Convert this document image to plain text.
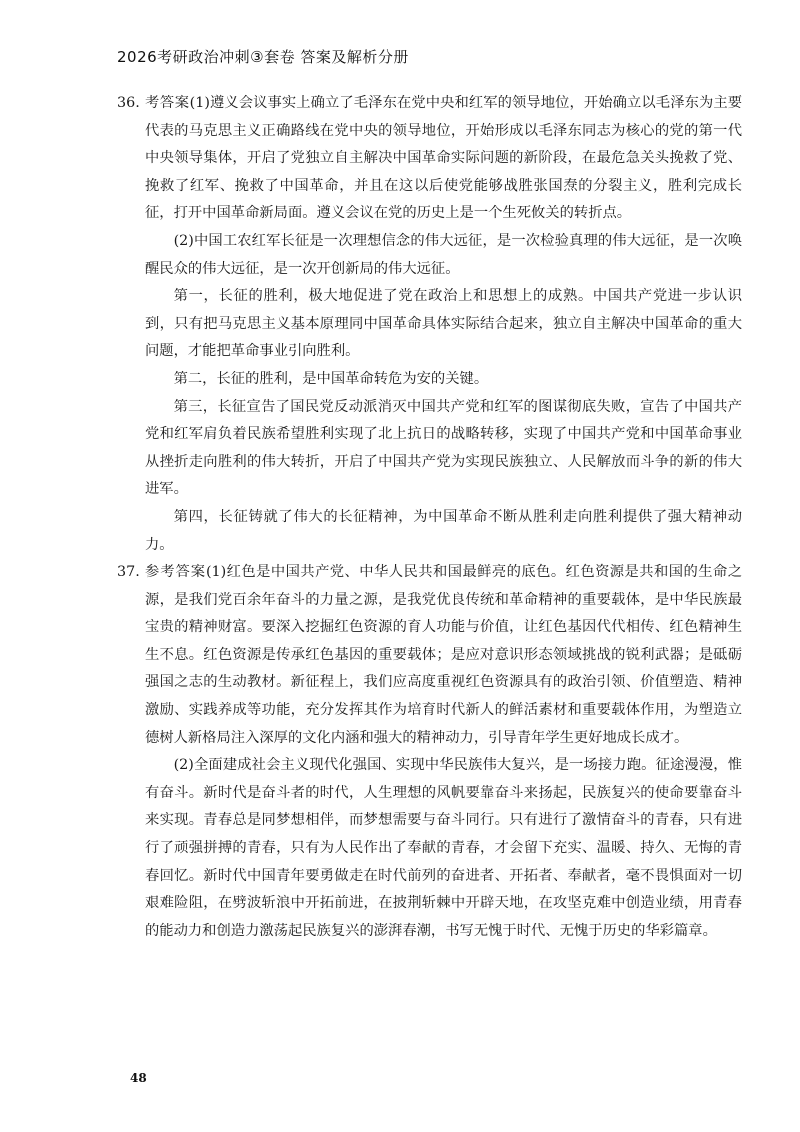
2026考研政治冲刺③套卷 答案及解析分册
36. 考答案(1)遵义会议事实上确立了毛泽东在党中央和红军的领导地位，开始确立以毛泽东为主要代表的马克思主义正确路线在党中央的领导地位，开始形成以毛泽东同志为核心的党的第一代中央领导集体，开启了党独立自主解决中国革命实际问题的新阶段，在最危急关头挽救了党、挽救了红军、挽救了中国革命，并且在这以后使党能够战胜张国焘的分裂主义，胜利完成长征，打开中国革命新局面。遵义会议在党的历史上是一个生死攸关的转折点。

(2)中国工农红军长征是一次理想信念的伟大远征，是一次检验真理的伟大远征，是一次唤醒民众的伟大远征，是一次开创新局的伟大远征。

第一，长征的胜利，极大地促进了党在政治上和思想上的成熟。中国共产党进一步认识到，只有把马克思主义基本原理同中国革命具体实际结合起来，独立自主解决中国革命的重大问题，才能把革命事业引向胜利。

第二，长征的胜利，是中国革命转危为安的关键。

第三，长征宣告了国民党反动派消灭中国共产党和红军的图谋彻底失败，宣告了中国共产党和红军肩负着民族希望胜利实现了北上抗日的战略转移，实现了中国共产党和中国革命事业从挫折走向胜利的伟大转折，开启了中国共产党为实现民族独立、人民解放而斗争的新的伟大进军。

第四，长征铸就了伟大的长征精神，为中国革命不断从胜利走向胜利提供了强大精神动力。

37. 参考答案(1)红色是中国共产党、中华人民共和国最鲜亮的底色。红色资源是共和国的生命之源，是我们党百余年奋斗的力量之源，是我党优良传统和革命精神的重要载体，是中华民族最宝贵的精神财富。要深入挖掘红色资源的育人功能与价值，让红色基因代代相传、红色精神生生不息。红色资源是传承红色基因的重要载体；是应对意识形态领域挑战的锐利武器；是砥砺强国之志的生动教材。新征程上，我们应高度重视红色资源具有的政治引领、价值塑造、精神激励、实践养成等功能，充分发挥其作为培育时代新人的鲜活素材和重要载体作用，为塑造立德树人新格局注入深厚的文化内涵和强大的精神动力，引导青年学生更好地成长成才。

(2)全面建成社会主义现代化强国、实现中华民族伟大复兴，是一场接力跑。征途漫漫，惟有奋斗。新时代是奋斗者的时代，人生理想的风帆要靠奋斗来扬起，民族复兴的使命要靠奋斗来实现。青春总是同梦想相伴，而梦想需要与奋斗同行。只有进行了激情奋斗的青春，只有进行了顽强拼搏的青春，只有为人民作出了奉献的青春，才会留下充实、温暖、持久、无悔的青春回忆。新时代中国青年要勇做走在时代前列的奋进者、开拓者、奉献者，毫不畏惧面对一切艰难险阻，在劈波斩浪中开拓前进，在披荆斩棘中开辟天地，在攻坚克难中创造业绩，用青春的能动力和创造力激荡起民族复兴的澎湃春潮，书写无愧于时代、无愧于历史的华彩篇章。

48
